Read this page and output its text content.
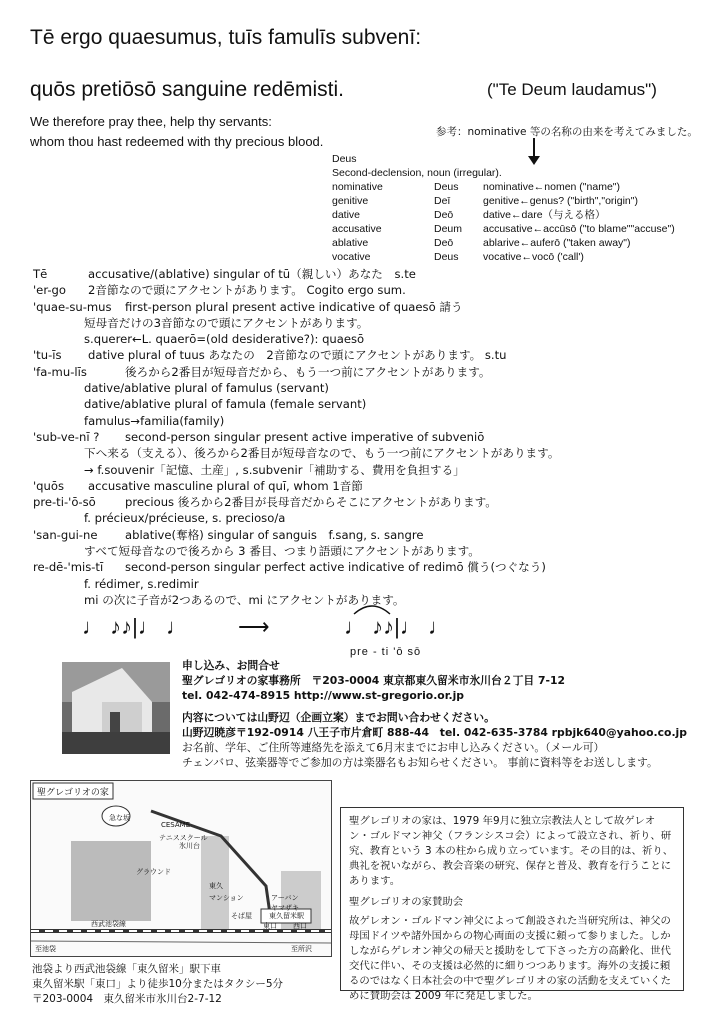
Tē ergo quaesumus, tuīs famulīs subvenī:
quōs pretiōsō sanguine redēmisti.	("Te Deum laudamus")
We therefore pray thee, help thy servants:
whom thou hast redeemed with thy precious blood.
参考：nominative 等の名称の由来を考えてみました。
Deus
Second-declension, noun (irregular).
nominative	Deus nominative←nomen ("name")
genitive	Deī	genitive←genus? ("birth","origin")
dative	Deō	dative←dare（与える格）
accusative	Deum accusative←accūsō ("to blame""accuse")
ablative	Deō	ablarive←auferō ("taken away")
vocative	Deus vocative←vocō ('call')
Tē	accusative/(ablative) singular of tū（親しい）あなた　s.te
'er-go 2音節なので頭にアクセントがあります。 Cogito ergo sum.
'quae-su-mus first-person plural present active indicative of quaesō 請う
短母音だけの3音節なので頭にアクセントがあります。
s.querer←L. quaerō=(old desiderative?): quaesō
'tu-īs dative plural of tuus あなたの　2音節なので頭にアクセントがあります。 s.tu
'fa-mu-līs	後ろから2番目が短母音だから、もう一つ前にアクセントがあります。
dative/ablative plural of famulus (servant)
dative/ablative plural of famula (female servant)
famulus→familia(family)
'sub-ve-nī ? second-person singular present active imperative of subveniō
下へ来る（支える）、後ろから2番目が短母音なので、もう一つ前にアクセントがあります。
→ f.souvenir「記憶、土産」, s.subvenir「補助する、費用を負担する」
'quōs accusative masculine plural of quī, whom 1音節
pre-ti-'ō-sō	precious 後ろから2番目が長母音だからそこにアクセントがあります。
f. précieux/précieuse, s. precioso/a
'san-gui-ne ablative(奪格) singular of sanguis　f.sang, s. sangre
すべて短母音なので後ろから 3 番目、つまり語頭にアクセントがあります。
re-dē-'mis-tī second-person singular perfect active indicative of redimō 償う(つぐなう)
f. rédimer, s.redimir
mi の次に子音が2つあるので、mi にアクセントがあります。
♩ ♪♪|♩ ♩ ⟶	♩ ♪♪|♩ ♩
pre - ti 'ō sō
申し込み、お問合せ
聖グレゴリオの家事務所　〒203-0004 東京都東久留米市氷川台２丁目 7-12
tel. 042-474-8915 http://www.st-gregorio.or.jp
内容については山野辺（企画立案）までお問い合わせください。
山野辺暁彦〒192-0914 八王子市片倉町 888-44　tel. 042-635-3784 rpbjk640@yahoo.co.jp
お名前、学年、ご住所等連絡先を添えて6月末までにお申し込みください。（メール可）
チェンバロ、弦楽器等でご参加の方は楽器名もお知らせください。 事前に資料等をお送しします。
聖グレゴリオの家
急な坂
CESAME
テニススクール
グラウンド
氷川台
東久
マンション
そば屋
アーバン
ヤマザキ
東久留米駅
西武池袋線
至池袋	至所沢
西口
東口
池袋より西武池袋線「東久留米」駅下車
東久留米駅「東口」より徒歩10分またはタクシー5分
〒203-0004　東久留米市氷川台2-7-12

聖グレゴリオの家は、1979 年9月に独立宗教法人として故ゲレオン・ゴルドマン神父（フランシスコ会）によって設立され、祈り、研究、教育という 3 本の柱から成り立っています。その目的は、祈り、典礼を祝いながら、教会音楽の研究、保存と普及、教育を行うことにあります。

聖グレゴリオの家賛助会

故ゲレオン・ゴルドマン神父によって創設された当研究所は、神父の母国ドイツや諸外国からの物心両面の支援に頼って参りました。しかしながらゲレオン神父の帰天と援助をして下さった方の高齢化、世代交代に伴い、その支援は必然的に細りつつあります。海外の支援に頼るのではなく日本社会の中で聖グレゴリオの家の活動を支えていくために賛助会は 2009 年に発足しました。
